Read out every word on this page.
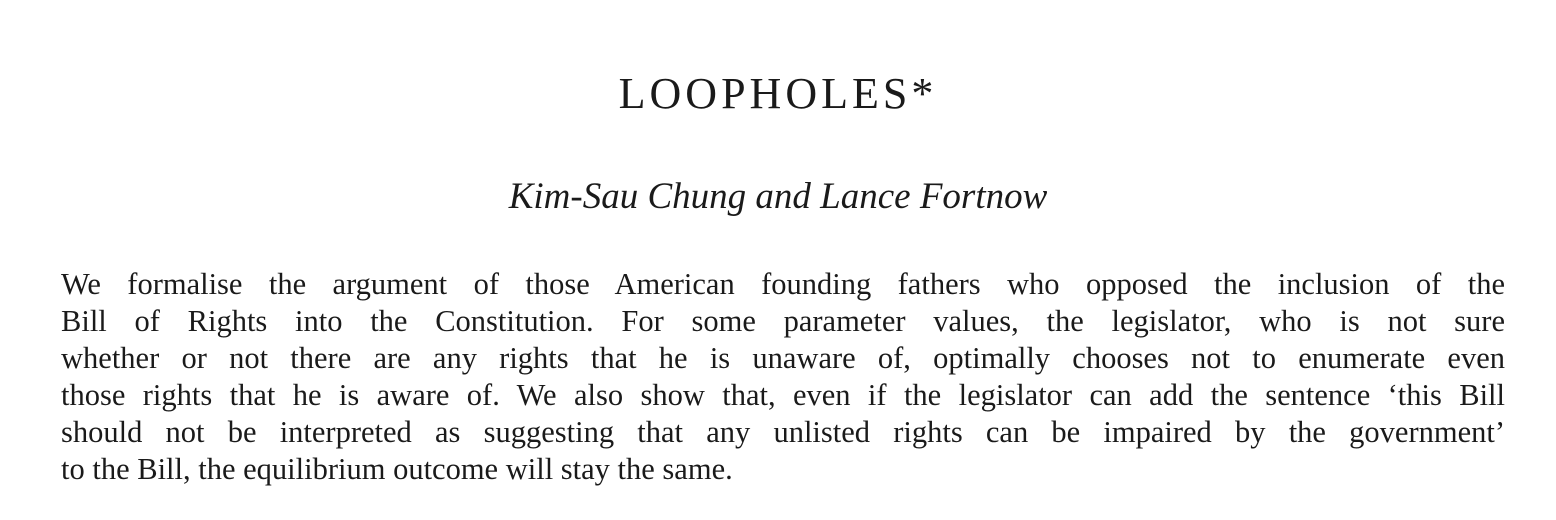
LOOPHOLES*

Kim-Sau Chung and Lance Fortnow

We formalise the argument of those American founding fathers who opposed the inclusion of the
Bill of Rights into the Constitution. For some parameter values, the legislator, who is not sure
whether or not there are any rights that he is unaware of, optimally chooses not to enumerate even
those rights that he is aware of. We also show that, even if the legislator can add the sentence ‘this Bill
should not be interpreted as suggesting that any unlisted rights can be impaired by the government’
to the Bill, the equilibrium outcome will stay the same.
